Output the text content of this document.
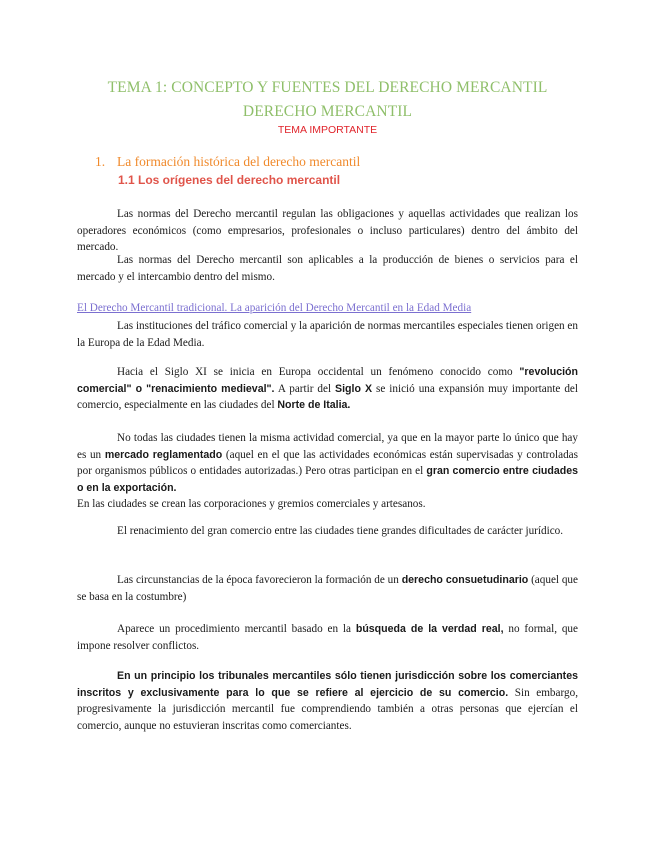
TEMA 1: CONCEPTO Y FUENTES DEL DERECHO MERCANTIL
DERECHO MERCANTIL
TEMA IMPORTANTE
1. La formación histórica del derecho mercantil
1.1 Los orígenes del derecho mercantil
Las normas del Derecho mercantil regulan las obligaciones y aquellas actividades que realizan los operadores económicos (como empresarios, profesionales o incluso particulares) dentro del ámbito del mercado.
Las normas del Derecho mercantil son aplicables a la producción de bienes o servicios para el mercado y el intercambio dentro del mismo.
El Derecho Mercantil tradicional. La aparición del Derecho Mercantil en la Edad Media
Las instituciones del tráfico comercial y la aparición de normas mercantiles especiales tienen origen en la Europa de la Edad Media.
Hacia el Siglo XI se inicia en Europa occidental un fenómeno conocido como "revolución comercial" o "renacimiento medieval". A partir del Siglo X se inició una expansión muy importante del comercio, especialmente en las ciudades del Norte de Italia.
No todas las ciudades tienen la misma actividad comercial, ya que en la mayor parte lo único que hay es un mercado reglamentado (aquel en el que las actividades económicas están supervisadas y controladas por organismos públicos o entidades autorizadas.) Pero otras participan en el gran comercio entre ciudades o en la exportación.
En las ciudades se crean las corporaciones y gremios comerciales y artesanos.
El renacimiento del gran comercio entre las ciudades tiene grandes dificultades de carácter jurídico.
Las circunstancias de la época favorecieron la formación de un derecho consuetudinario (aquel que se basa en la costumbre)
Aparece un procedimiento mercantil basado en la búsqueda de la verdad real, no formal, que impone resolver conflictos.
En un principio los tribunales mercantiles sólo tienen jurisdicción sobre los comerciantes inscritos y exclusivamente para lo que se refiere al ejercicio de su comercio. Sin embargo, progresivamente la jurisdicción mercantil fue comprendiendo también a otras personas que ejercían el comercio, aunque no estuvieran inscritas como comerciantes.
